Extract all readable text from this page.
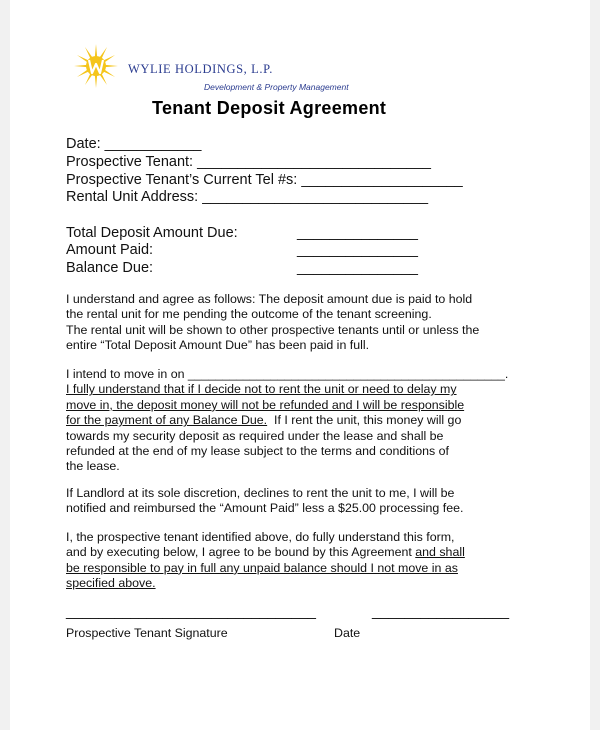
WYLIE HOLDINGS, L.P.
Development & Property Management
Tenant Deposit Agreement
Date: ____________
Prospective Tenant: _____________________________
Prospective Tenant’s Current Tel #s: ____________________
Rental Unit Address: ____________________________
Total Deposit Amount Due:	_______________
Amount Paid:	_______________
Balance Due:	_______________
I understand and agree as follows: The deposit amount due is paid to hold
the rental unit for me pending the outcome of the tenant screening.
The rental unit will be shown to other prospective tenants until or unless the
entire “Total Deposit Amount Due” has been paid in full.
I intend to move in on ______________________________________________.
I fully understand that if I decide not to rent the unit or need to delay my
move in, the deposit money will not be refunded and I will be responsible
for the payment of any Balance Due.  If I rent the unit, this money will go
towards my security deposit as required under the lease and shall be
refunded at the end of my lease subject to the terms and conditions of
the lease.
If Landlord at its sole discretion, declines to rent the unit to me, I will be
notified and reimbursed the “Amount Paid” less a $25.00 processing fee.
I, the prospective tenant identified above, do fully understand this form,
and by executing below, I agree to be bound by this Agreement and shall
be responsible to pay in full any unpaid balance should I not move in as
specified above.
_______________________________	_________________
Prospective Tenant Signature	Date
